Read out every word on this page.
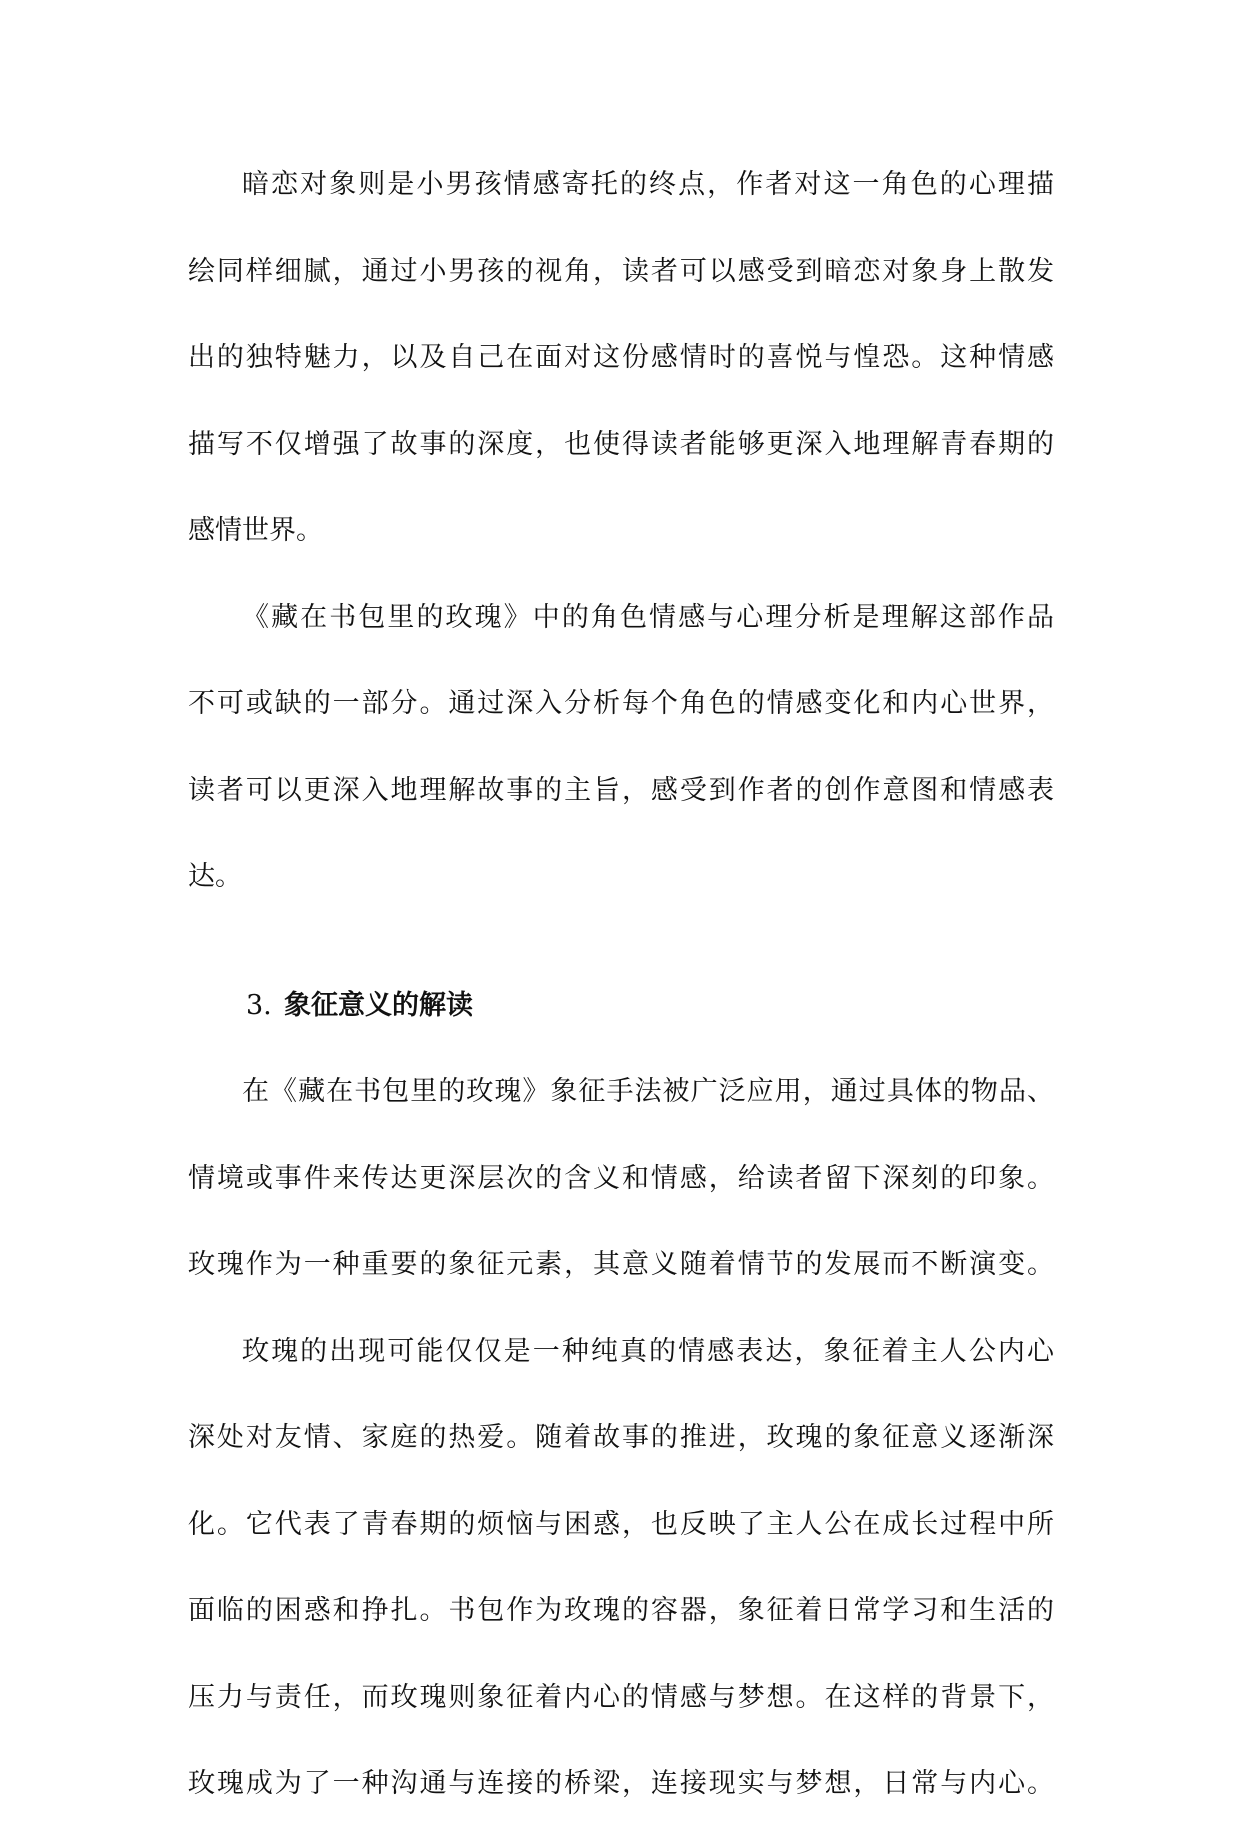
暗恋对象则是小男孩情感寄托的终点，作者对这一角色的心理描
绘同样细腻，通过小男孩的视角，读者可以感受到暗恋对象身上散发
出的独特魅力，以及自己在面对这份感情时的喜悦与惶恐。这种情感
描写不仅增强了故事的深度，也使得读者能够更深入地理解青春期的
感情世界。
《藏在书包里的玫瑰》中的角色情感与心理分析是理解这部作品
不可或缺的一部分。通过深入分析每个角色的情感变化和内心世界，
读者可以更深入地理解故事的主旨，感受到作者的创作意图和情感表
达。
3. 象征意义的解读
在《藏在书包里的玫瑰》象征手法被广泛应用，通过具体的物品、
情境或事件来传达更深层次的含义和情感，给读者留下深刻的印象。
玫瑰作为一种重要的象征元素，其意义随着情节的发展而不断演变。
玫瑰的出现可能仅仅是一种纯真的情感表达，象征着主人公内心
深处对友情、家庭的热爱。随着故事的推进，玫瑰的象征意义逐渐深
化。它代表了青春期的烦恼与困惑，也反映了主人公在成长过程中所
面临的困惑和挣扎。书包作为玫瑰的容器，象征着日常学习和生活的
压力与责任，而玫瑰则象征着内心的情感与梦想。在这样的背景下，
玫瑰成为了一种沟通与连接的桥梁，连接现实与梦想，日常与内心。
